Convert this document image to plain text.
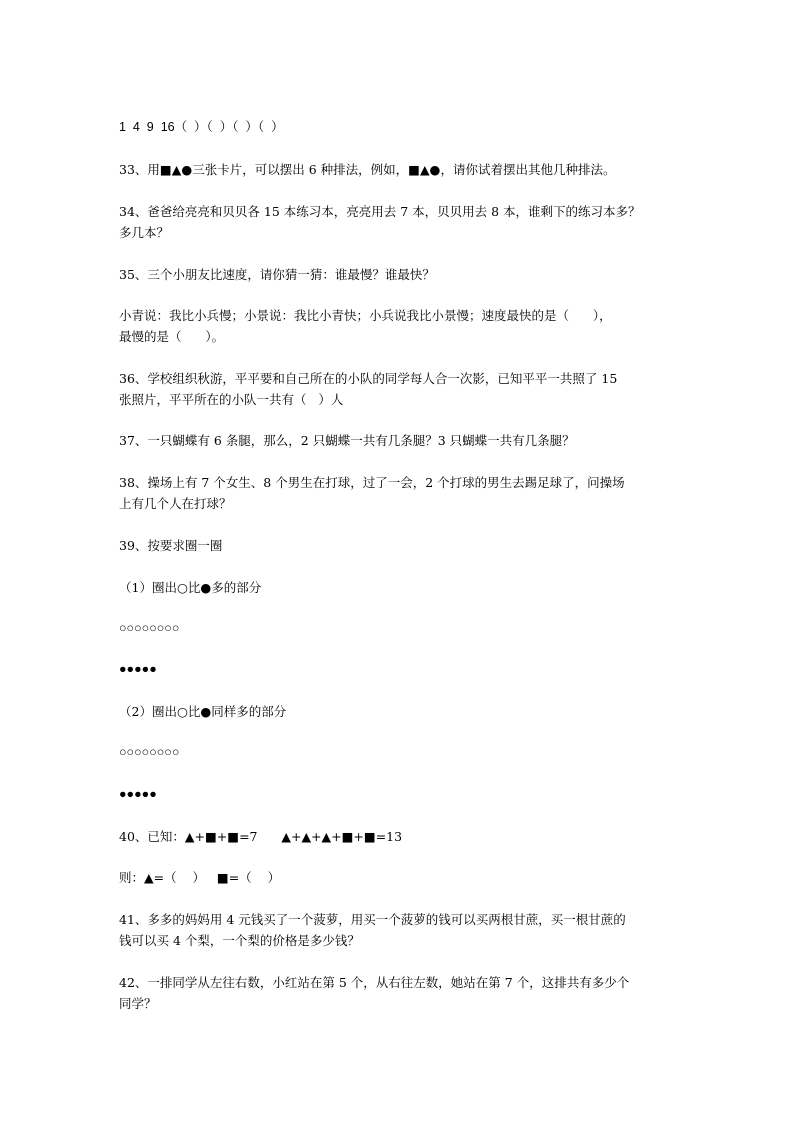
1  4  9  16（  ）（  ）（  ）（  ）
33、用■▲●三张卡片，可以摆出 6 种排法，例如，■▲●，请你试着摆出其他几种排法。
34、爸爸给亮亮和贝贝各 15 本练习本，亮亮用去 7 本，贝贝用去 8 本，谁剩下的练习本多？
多几本？
35、三个小朋友比速度，请你猜一猜：谁最慢？谁最快？
小青说：我比小兵慢；小景说：我比小青快；小兵说我比小景慢；速度最快的是（      ），
最慢的是（      ）。
36、学校组织秋游，平平要和自己所在的小队的同学每人合一次影，已知平平一共照了 15
张照片，平平所在的小队一共有（   ）人
37、一只蝴蝶有 6 条腿，那么，2 只蝴蝶一共有几条腿？3 只蝴蝶一共有几条腿？
38、操场上有 7 个女生、8 个男生在打球，过了一会，2 个打球的男生去踢足球了，问操场
上有几个人在打球？
39、按要求圈一圈
（1）圈出○比●多的部分
○○○○○○○○
●●●●●
（2）圈出○比●同样多的部分
○○○○○○○○
●●●●●
40、已知：▲+■+■=7      ▲+▲+▲+■+■=13
则：▲=（    ）   ■=（    ）
41、多多的妈妈用 4 元钱买了一个菠萝，用买一个菠萝的钱可以买两根甘蔗，买一根甘蔗的
钱可以买 4 个梨，一个梨的价格是多少钱？
42、一排同学从左往右数，小红站在第 5 个，从右往左数，她站在第 7 个，这排共有多少个
同学？
